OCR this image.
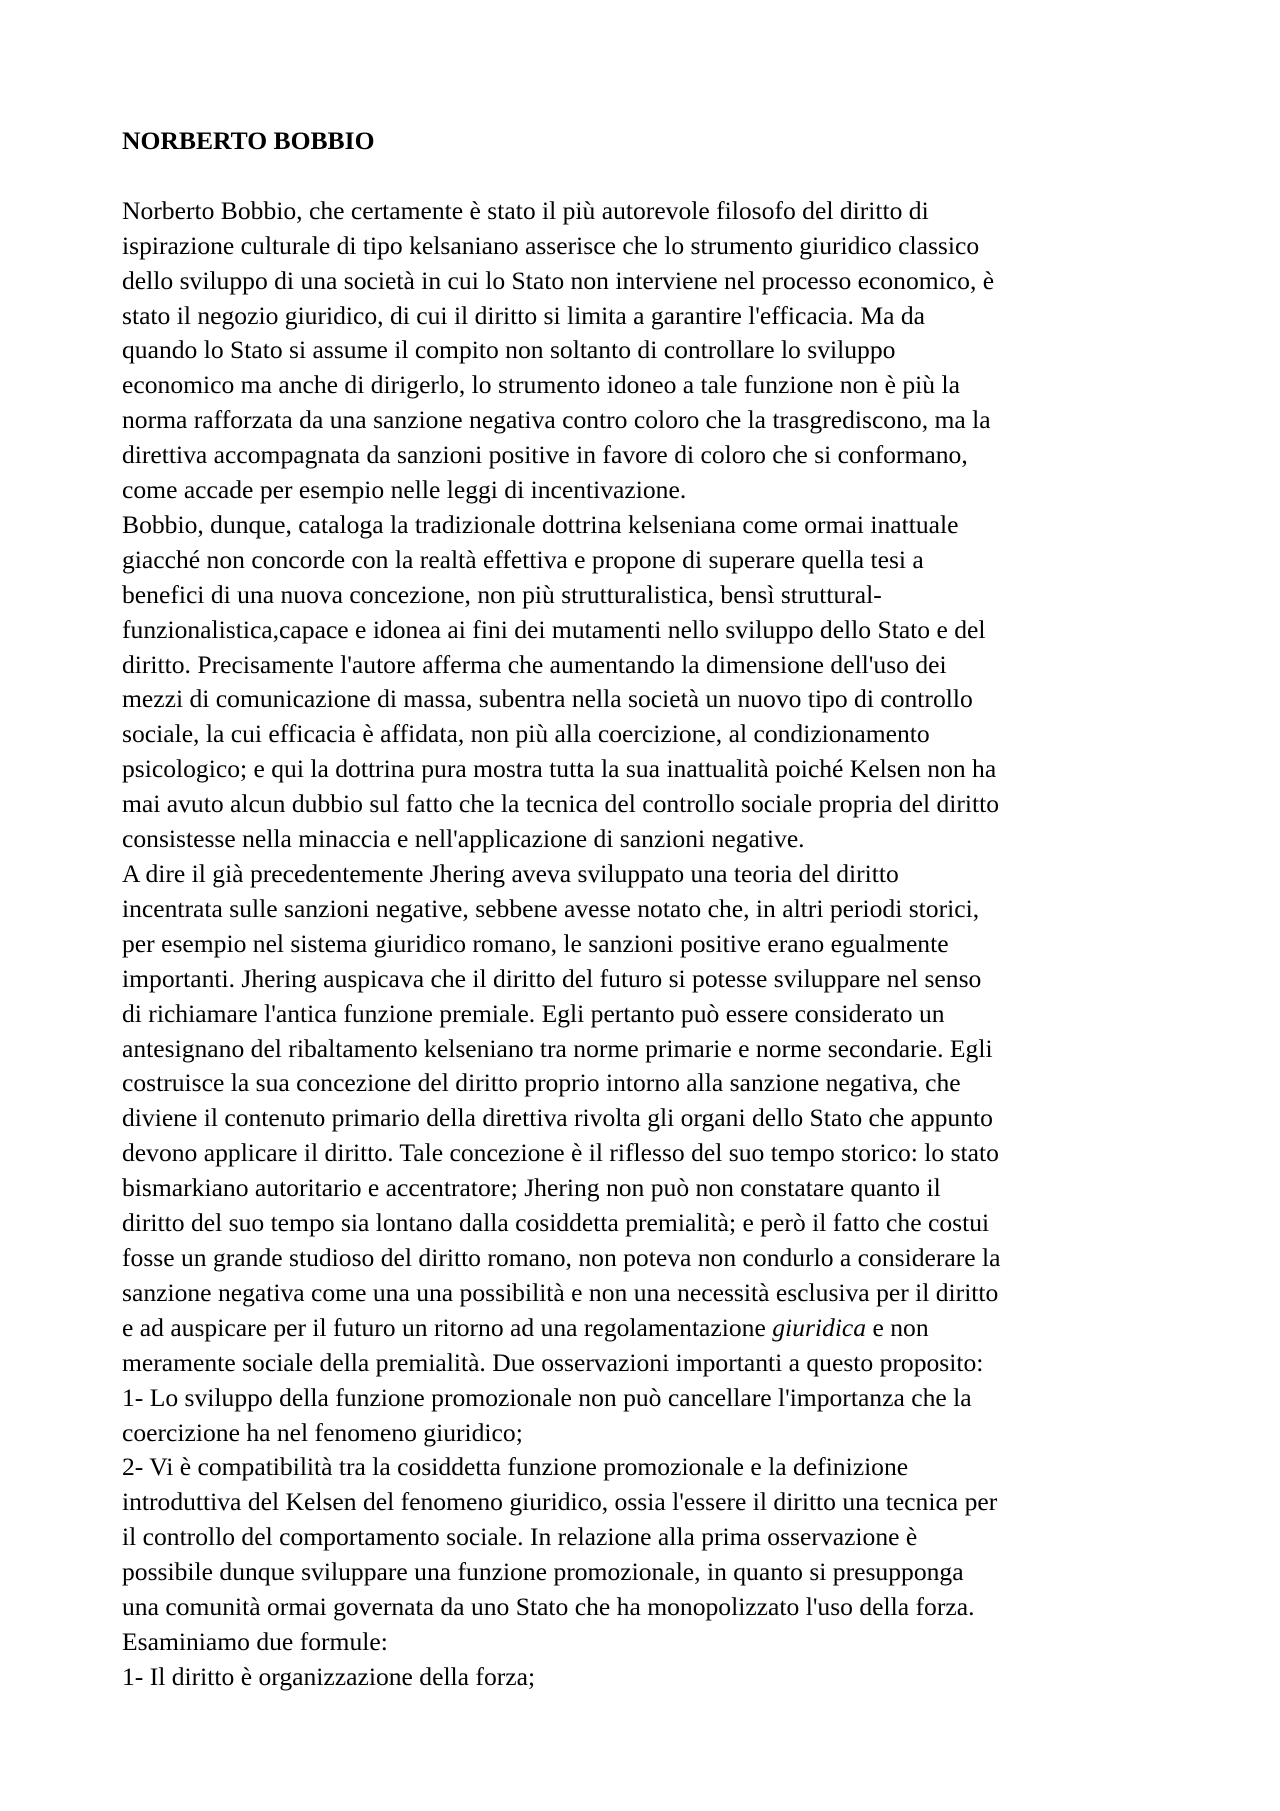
NORBERTO BOBBIO
Norberto Bobbio, che certamente è stato il più autorevole filosofo del diritto di
ispirazione culturale di tipo kelsaniano asserisce che lo strumento giuridico classico
dello sviluppo di una società in cui lo Stato non interviene nel processo economico, è
stato il negozio giuridico, di cui il diritto si limita a garantire l'efficacia. Ma da
quando lo Stato si assume il compito non soltanto di controllare lo sviluppo
economico ma anche di dirigerlo, lo strumento idoneo a tale funzione non è più la
norma rafforzata da una sanzione negativa contro coloro che la trasgrediscono, ma la
direttiva accompagnata da sanzioni positive in favore di coloro che si conformano,
come accade per esempio nelle leggi di incentivazione.
Bobbio, dunque, cataloga la tradizionale dottrina kelseniana come ormai inattuale
giacché non concorde con la realtà effettiva e propone di superare quella tesi a
benefici di una nuova concezione, non più strutturalistica, bensì struttural-
funzionalistica,capace e idonea ai fini dei mutamenti nello sviluppo dello Stato e del
diritto. Precisamente l'autore afferma che aumentando la dimensione dell'uso dei
mezzi di comunicazione di massa, subentra nella società un nuovo tipo di controllo
sociale, la cui efficacia è affidata, non più alla coercizione, al condizionamento
psicologico; e qui la dottrina pura mostra tutta la sua inattualità poiché Kelsen non ha
mai avuto alcun dubbio sul fatto che la tecnica del controllo sociale propria del diritto
consistesse nella minaccia e nell'applicazione di sanzioni negative.
A dire il già precedentemente Jhering aveva sviluppato una teoria del diritto
incentrata sulle sanzioni negative, sebbene avesse notato che, in altri periodi storici,
per esempio nel sistema giuridico romano, le sanzioni positive erano egualmente
importanti. Jhering auspicava che il diritto del futuro si potesse sviluppare nel senso
di richiamare l'antica funzione premiale. Egli pertanto può essere considerato un
antesignano del ribaltamento kelseniano tra norme primarie e norme secondarie. Egli
costruisce la sua concezione del diritto proprio intorno alla sanzione negativa, che
diviene il contenuto primario della direttiva rivolta gli organi dello Stato che appunto
devono applicare il diritto. Tale concezione è il riflesso del suo tempo storico: lo stato
bismarkiano autoritario e accentratore; Jhering non può non constatare quanto il
diritto del suo tempo sia lontano dalla cosiddetta premialità; e però il fatto che costui
fosse un grande studioso del diritto romano, non poteva non condurlo a considerare la
sanzione negativa come una una possibilità e non una necessità esclusiva per il diritto
e ad auspicare per il futuro un ritorno ad una regolamentazione giuridica e non
meramente sociale della premialità. Due osservazioni importanti a questo proposito:
1- Lo sviluppo della funzione promozionale non può cancellare l'importanza che la
coercizione ha nel fenomeno giuridico;
2- Vi è compatibilità tra la cosiddetta funzione promozionale e la definizione
introduttiva del Kelsen del fenomeno giuridico, ossia l'essere il diritto una tecnica per
il controllo del comportamento sociale. In relazione alla prima osservazione è
possibile dunque sviluppare una funzione promozionale, in quanto si presupponga
una comunità ormai governata da uno Stato che ha monopolizzato l'uso della forza.
Esaminiamo due formule:
1- Il diritto è organizzazione della forza;
